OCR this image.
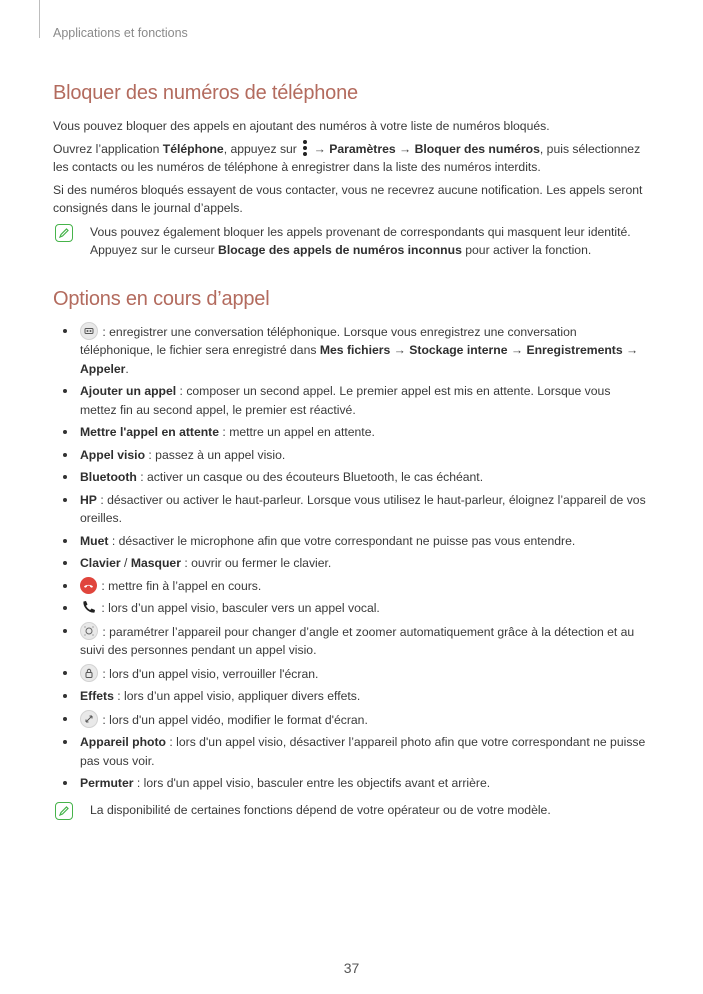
Applications et fonctions
Bloquer des numéros de téléphone

Vous pouvez bloquer des appels en ajoutant des numéros à votre liste de numéros bloqués.

Ouvrez l’application Téléphone, appuyez sur
→ Paramètres → Bloquer des numéros, puis sélectionnez les contacts ou les numéros de téléphone à enregistrer dans la liste des numéros interdits.

Si des numéros bloqués essayent de vous contacter, vous ne recevrez aucune notification. Les appels seront consignés dans le journal d’appels.

Vous pouvez également bloquer les appels provenant de correspondants qui masquent leur identité. Appuyez sur le curseur Blocage des appels de numéros inconnus pour activer la fonction.

Options en cours d’appel
: enregistrer une conversation téléphonique. Lorsque vous enregistrez une conversation téléphonique, le fichier sera enregistré dans Mes fichiers → Stockage interne → Enregistrements → Appeler.
Ajouter un appel : composer un second appel. Le premier appel est mis en attente. Lorsque vous mettez fin au second appel, le premier est réactivé.
Mettre l'appel en attente : mettre un appel en attente.
Appel visio : passez à un appel visio.
Bluetooth : activer un casque ou des écouteurs Bluetooth, le cas échéant.
HP : désactiver ou activer le haut-parleur. Lorsque vous utilisez le haut-parleur, éloignez l’appareil de vos oreilles.
Muet : désactiver le microphone afin que votre correspondant ne puisse pas vous entendre.
Clavier / Masquer : ouvrir ou fermer le clavier.
: mettre fin à l’appel en cours.
: lors d’un appel visio, basculer vers un appel vocal.
: paramétrer l’appareil pour changer d’angle et zoomer automatiquement grâce à la détection et au suivi des personnes pendant un appel visio.
: lors d'un appel visio, verrouiller l'écran.
Effets : lors d’un appel visio, appliquer divers effets.
: lors d'un appel vidéo, modifier le format d'écran.
Appareil photo : lors d'un appel visio, désactiver l’appareil photo afin que votre correspondant ne puisse pas vous voir.
Permuter : lors d'un appel visio, basculer entre les objectifs avant et arrière.

La disponibilité de certaines fonctions dépend de votre opérateur ou de votre modèle.

37
